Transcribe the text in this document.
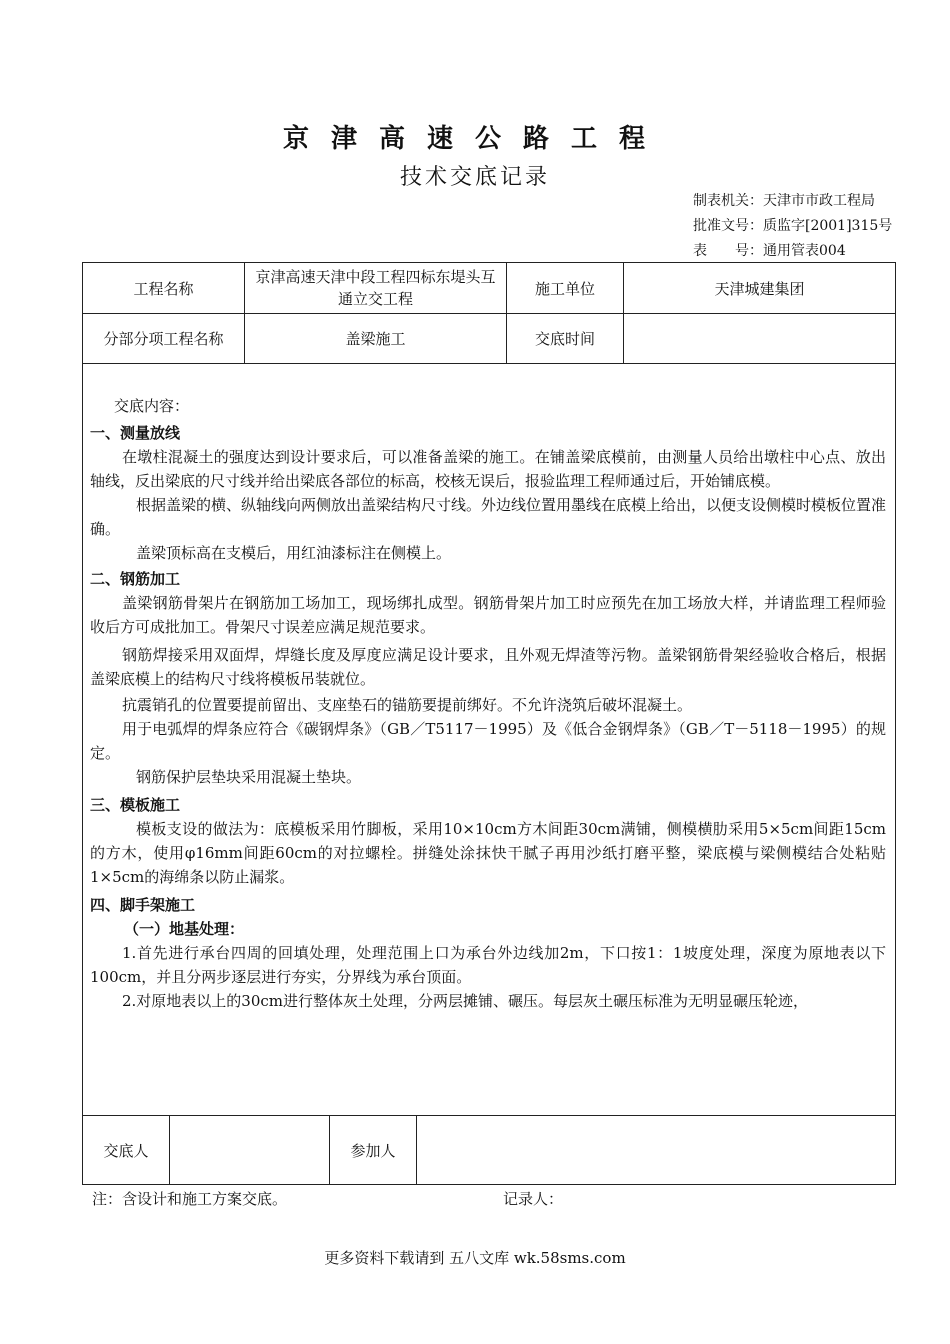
京津高速公路工程
技术交底记录
制表机关：天津市市政工程局
批准文号：质监字[2001]315号
表　　号：通用管表004
工程名称	京津高速天津中段工程四标东堤头互通立交工程	施工单位	天津城建集团
分部分项工程名称	盖梁施工	交底时间	
交底内容：
一、测量放线

在墩柱混凝土的强度达到设计要求后，可以准备盖梁的施工。在铺盖梁底模前，由测量人员给出墩柱中心点、放出轴线，反出梁底的尺寸线并给出梁底各部位的标高，校核无误后，报验监理工程师通过后，开始铺底模。

根据盖梁的横、纵轴线向两侧放出盖梁结构尺寸线。外边线位置用墨线在底模上给出，以便支设侧模时模板位置准确。

盖梁顶标高在支模后，用红油漆标注在侧模上。

二、钢筋加工

盖梁钢筋骨架片在钢筋加工场加工，现场绑扎成型。钢筋骨架片加工时应预先在加工场放大样，并请监理工程师验收后方可成批加工。骨架尺寸误差应满足规范要求。

钢筋焊接采用双面焊，焊缝长度及厚度应满足设计要求，且外观无焊渣等污物。盖梁钢筋骨架经验收合格后，根据盖梁底模上的结构尺寸线将模板吊装就位。

抗震销孔的位置要提前留出、支座垫石的锚筋要提前绑好。不允许浇筑后破坏混凝土。

用于电弧焊的焊条应符合《碳钢焊条》（GB／T5117－1995）及《低合金钢焊条》（GB／T－5118－1995）的规定。

钢筋保护层垫块采用混凝土垫块。

三、模板施工

模板支设的做法为：底模板采用竹脚板，采用10×10cm方木间距30cm满铺，侧模横肋采用5×5cm间距15cm的方木，使用φ16mm间距60cm的对拉螺栓。拼缝处涂抹快干腻子再用沙纸打磨平整，梁底模与梁侧模结合处粘贴1×5cm的海绵条以防止漏浆。

四、脚手架施工
（一）地基处理：

1.首先进行承台四周的回填处理，处理范围上口为承台外边线加2m，下口按1：1坡度处理，深度为原地表以下100cm，并且分两步逐层进行夯实，分界线为承台顶面。

2.对原地表以上的30cm进行整体灰土处理，分两层摊铺、碾压。每层灰土碾压标准为无明显碾压轮迹，

交底人		参加人	
注：含设计和施工方案交底。	记录人：
更多资料下载请到 五八文库 wk.58sms.com
